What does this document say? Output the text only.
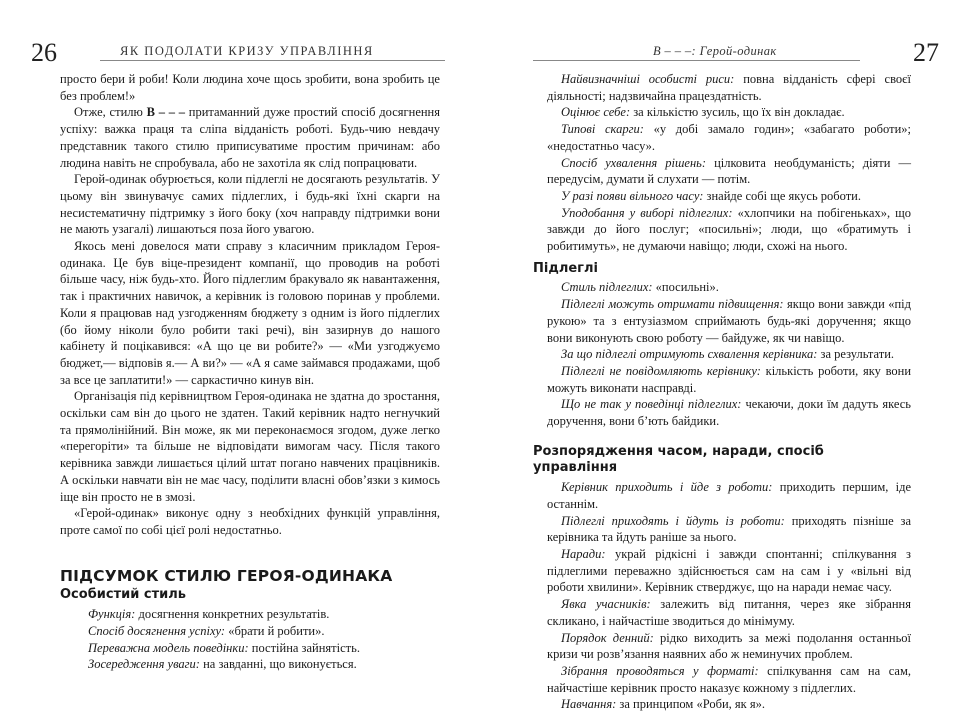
26	ЯК ПОДОЛАТИ КРИЗУ УПРАВЛІННЯ

просто бери й роби! Коли людина хоче щось зробити, вона зробить це без проблем!»

Отже, стилю B – – – притаманний дуже простий спосіб досягнення успіху: важка праця та сліпа відданість роботі. Будь-чию невдачу представник такого стилю приписуватиме простим причинам: або людина навіть не спробувала, або не захотіла як слід попрацювати.

Герой-одинак обурюється, коли підлеглі не досягають результатів. У цьому він звинувачує самих підлеглих, і будь-які їхні скарги на несистематичну підтримку з його боку (хоч направду підтримки вони не мають узагалі) лишаються поза його увагою.

Якось мені довелося мати справу з класичним прикладом Героя-одинака. Це був віце-президент компанії, що проводив на роботі більше часу, ніж будь-хто. Його підлеглим бракувало як навантаження, так і практичних навичок, а керівник із головою поринав у проблеми. Коли я працював над узгодженням бюджету з одним із його підлеглих (бо йому ніколи було робити такі речі), він зазирнув до нашого кабінету й поцікавився: «А що це ви робите?» — «Ми узгоджуємо бюджет,— відповів я.— А ви?» — «А я саме займався продажами, щоб за все це заплатити!» — саркастично кинув він.

Організація під керівництвом Героя-одинака не здатна до зростання, оскільки сам він до цього не здатен. Такий керівник надто негнучкий та прямолінійний. Він може, як ми переконаємося згодом, дуже легко «перегоріти» та більше не відповідати вимогам часу. Після такого керівника завжди лишається цілий штат погано навчених працівників. А оскільки навчати він не має часу, поділити власні обов’язки з кимось іще він просто не в змозі.

«Герой-одинак» виконує одну з необхідних функцій управління, проте самої по собі цієї ролі недостатньо.

ПІДСУМОК СТИЛЮ ГЕРОЯ-ОДИНАКА
Особистий стиль

Функція: досягнення конкретних результатів.

Спосіб досягнення успіху: «брати й робити».

Переважна модель поведінки: постійна зайнятість.

Зосередження уваги: на завданні, що виконується.

B – – –: Герой-одинак	27

Найвизначніші особисті риси: повна відданість сфері своєї діяльності; надзвичайна працездатність.

Оцінює себе: за кількістю зусиль, що їх він докладає.

Типові скарги: «у добі замало годин»; «забагато роботи»; «недостатньо часу».

Спосіб ухвалення рішень: цілковита необдуманість; діяти — передусім, думати й слухати — потім.

У разі появи вільного часу: знайде собі ще якусь роботи.

Уподобання у виборі підлеглих: «хлопчики на побігеньках», що завжди до його послуг; «посильні»; люди, що «братимуть і робитимуть», не думаючи навіщо; люди, схожі на нього.

Підлеглі

Стиль підлеглих: «посильні».

Підлеглі можуть отримати підвищення: якщо вони завжди «під рукою» та з ентузіазмом сприймають будь-які доручення; якщо вони виконують свою роботу — байдуже, як чи навіщо.

За що підлеглі отримують схвалення керівника: за результати.

Підлеглі не повідомляють керівнику: кількість роботи, яку вони можуть виконати насправді.

Що не так у поведінці підлеглих: чекаючи, доки їм дадуть якесь доручення, вони б’ють байдики.

Розпорядження часом, наради, спосіб управління

Керівник приходить і йде з роботи: приходить першим, іде останнім.

Підлеглі приходять і йдуть із роботи: приходять пізніше за керівника та йдуть раніше за нього.

Наради: украй рідкісні і завжди спонтанні; спілкування з підлеглими переважно здійснюється сам на сам і у «вільні від роботи хвилини». Керівник стверджує, що на наради немає часу.

Явка учасників: залежить від питання, через яке зібрання скликано, і найчастіше зводиться до мінімуму.

Порядок денний: рідко виходить за межі подолання останньої кризи чи розв’язання наявних або ж неминучих проблем.

Зібрання проводяться у форматі: спілкування сам на сам, найчастіше керівник просто наказує кожному з підлеглих.

Навчання: за принципом «Роби, як я».
